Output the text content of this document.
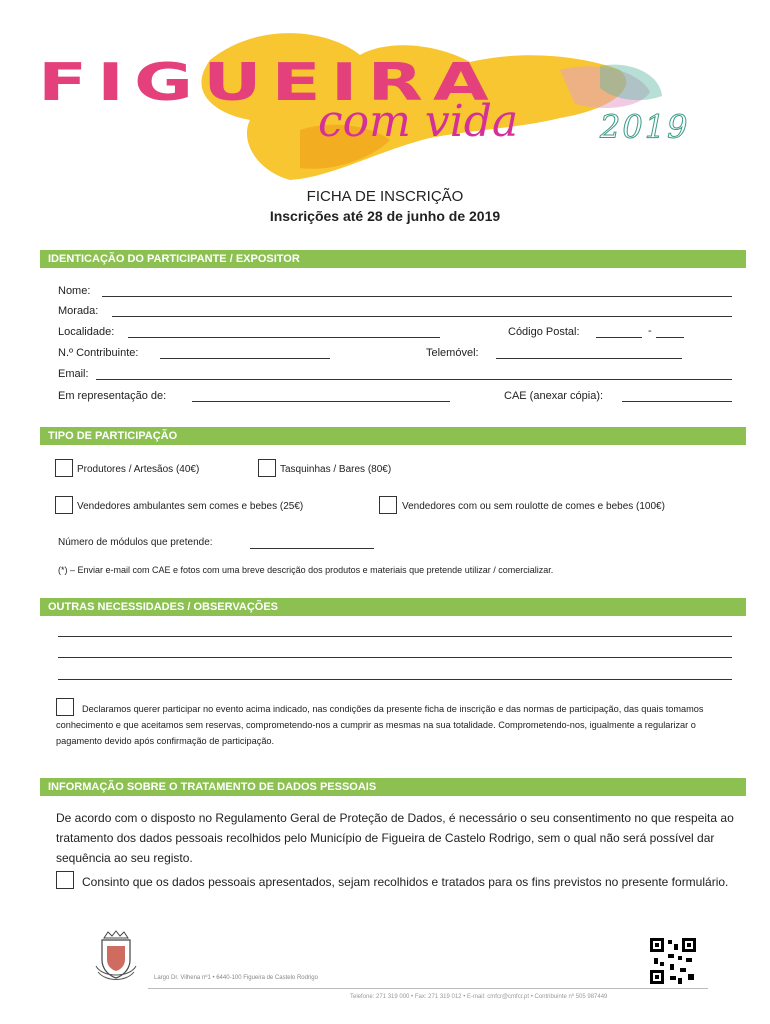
FIGUEIRA
com vida	2019
FICHA DE INSCRIÇÃO
Inscrições até 28 de junho de 2019
IDENTICAÇÃO DO PARTICIPANTE / EXPOSITOR
Nome:
Morada:
Localidade:	Código Postal:	-
N.º Contribuinte:	Telemóvel:
Email:
Em representação de:	CAE (anexar cópia):
TIPO DE PARTICIPAÇÃO
Produtores / Artesãos (40€)	Tasquinhas / Bares (80€)
Vendedores ambulantes sem comes e bebes (25€)	Vendedores com ou sem roulotte de comes e bebes (100€)
Número de módulos que pretende:
(*) – Enviar e-mail com CAE e fotos com uma breve descrição dos produtos e materiais que pretende utilizar / comercializar.
OUTRAS NECESSIDADES / OBSERVAÇÕES
Declaramos querer participar no evento acima indicado, nas condições da presente ficha de inscrição e das normas de participação, das quais tomamos conhecimento e que aceitamos sem reservas, comprometendo-nos a cumprir as mesmas na sua totalidade. Comprometendo-nos, igualmente a regularizar o pagamento devido após confirmação de participação.
INFORMAÇÃO SOBRE O TRATAMENTO DE DADOS PESSOAIS
De acordo com o disposto no Regulamento Geral de Proteção de Dados, é necessário o seu consentimento no que respeita ao tratamento dos dados pessoais recolhidos pelo Município de Figueira de Castelo Rodrigo, sem o qual não será possível dar sequência ao seu registo.
Consinto que os dados pessoais apresentados, sejam recolhidos e tratados para os fins previstos no presente formulário.
Largo Dr. Vilhena nº1 • 6440-100 Figueira de Castelo Rodrigo
Telefone: 271 319 000 • Fax: 271 319 012 • E-mail: cmfcr@cmfcr.pt • Contribuinte nº 505 987449
